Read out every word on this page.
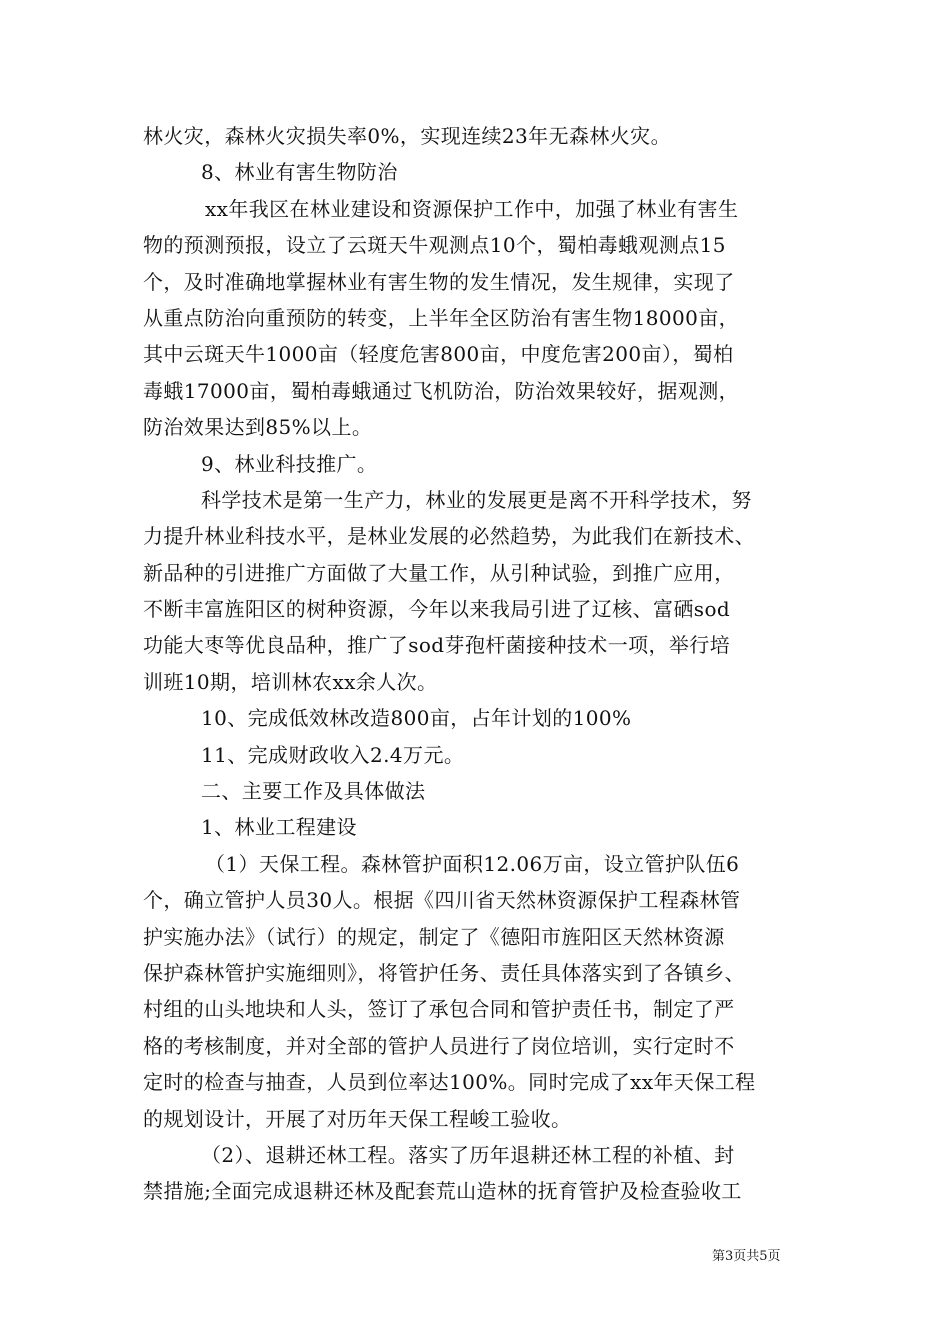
林火灾，森林火灾损失率0%，实现连续23年无森林火灾。
8、林业有害生物防治
xx年我区在林业建设和资源保护工作中，加强了林业有害生
物的预测预报，设立了云斑天牛观测点10个，蜀柏毒蛾观测点15
个，及时准确地掌握林业有害生物的发生情况，发生规律，实现了
从重点防治向重预防的转变，上半年全区防治有害生物18000亩，
其中云斑天牛1000亩（轻度危害800亩，中度危害200亩），蜀柏
毒蛾17000亩，蜀柏毒蛾通过飞机防治，防治效果较好，据观测，
防治效果达到85%以上。
9、林业科技推广。
科学技术是第一生产力，林业的发展更是离不开科学技术，努
力提升林业科技水平，是林业发展的必然趋势，为此我们在新技术、
新品种的引进推广方面做了大量工作，从引种试验，到推广应用，
不断丰富旌阳区的树种资源，今年以来我局引进了辽核、富硒sod
功能大枣等优良品种，推广了sod芽孢杆菌接种技术一项，举行培
训班10期，培训林农xx余人次。
10、完成低效林改造800亩，占年计划的100%
11、完成财政收入2.4万元。
二、主要工作及具体做法
1、林业工程建设
（1）天保工程。森林管护面积12.06万亩，设立管护队伍6
个，确立管护人员30人。根据《四川省天然林资源保护工程森林管
护实施办法》（试行）的规定，制定了《德阳市旌阳区天然林资源
保护森林管护实施细则》，将管护任务、责任具体落实到了各镇乡、
村组的山头地块和人头，签订了承包合同和管护责任书，制定了严
格的考核制度，并对全部的管护人员进行了岗位培训，实行定时不
定时的检查与抽查，人员到位率达100%。同时完成了xx年天保工程
的规划设计，开展了对历年天保工程峻工验收。
（2）、退耕还林工程。落实了历年退耕还林工程的补植、封
禁措施;全面完成退耕还林及配套荒山造林的抚育管护及检查验收工
第3页共5页
